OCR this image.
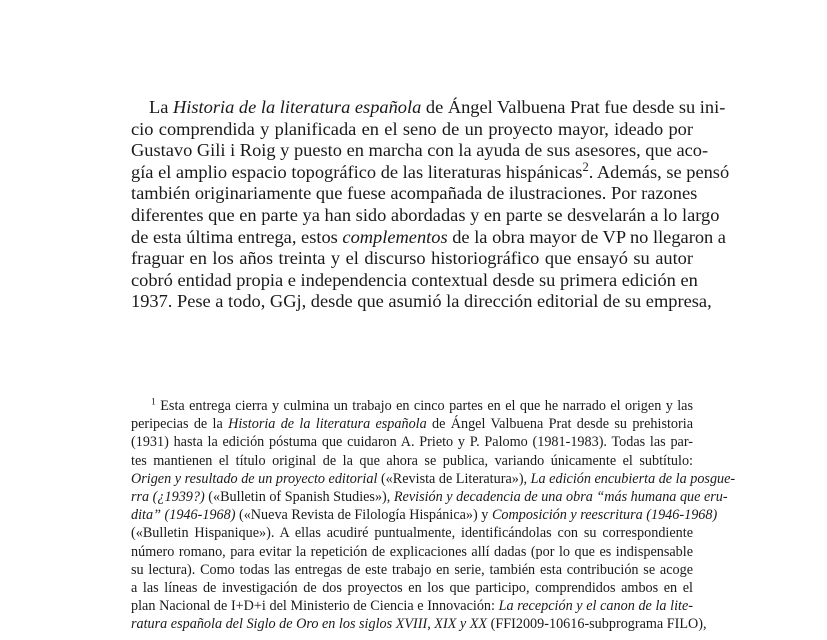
La Historia de la literatura española de Ángel Valbuena Prat fue desde su ini-
cio comprendida y planificada en el seno de un proyecto mayor, ideado por
Gustavo Gili i Roig y puesto en marcha con la ayuda de sus asesores, que aco-
gía el amplio espacio topográfico de las literaturas hispánicas$^2$. Además, se pensó
también originariamente que fuese acompañada de ilustraciones. Por razones
diferentes que en parte ya han sido abordadas y en parte se desvelarán a lo largo
de esta última entrega, estos complementos de la obra mayor de VP no llegaron a
fraguar en los años treinta y el discurso historiográfico que ensayó su autor
cobró entidad propia e independencia contextual desde su primera edición en
1937. Pese a todo, GGj, desde que asumió la dirección editorial de su empresa,
$^1$ Esta entrega cierra y culmina un trabajo en cinco partes en el que he narrado el origen y las
peripecias de la Historia de la literatura española de Ángel Valbuena Prat desde su prehistoria
(1931) hasta la edición póstuma que cuidaron A. Prieto y P. Palomo (1981-1983). Todas las par-
tes mantienen el título original de la que ahora se publica, variando únicamente el subtítulo:
Origen y resultado de un proyecto editorial («Revista de Literatura»), La edición encubierta de la posgue-
rra (¿1939?) («Bulletin of Spanish Studies»), Revisión y decadencia de una obra “más humana que eru-
dita” (1946-1968) («Nueva Revista de Filología Hispánica») y Composición y reescritura (1946-1968)
(«Bulletin Hispanique»). A ellas acudiré puntualmente, identificándolas con su correspondiente
número romano, para evitar la repetición de explicaciones allí dadas (por lo que es indispensable
su lectura). Como todas las entregas de este trabajo en serie, también esta contribución se acoge
a las líneas de investigación de dos proyectos en los que participo, comprendidos ambos en el
plan Nacional de I+D+i del Ministerio de Ciencia e Innovación: La recepción y el canon de la lite-
ratura española del Siglo de Oro en los siglos XVIII, XIX y XX (FFI2009-10616-subprograma FILO),
